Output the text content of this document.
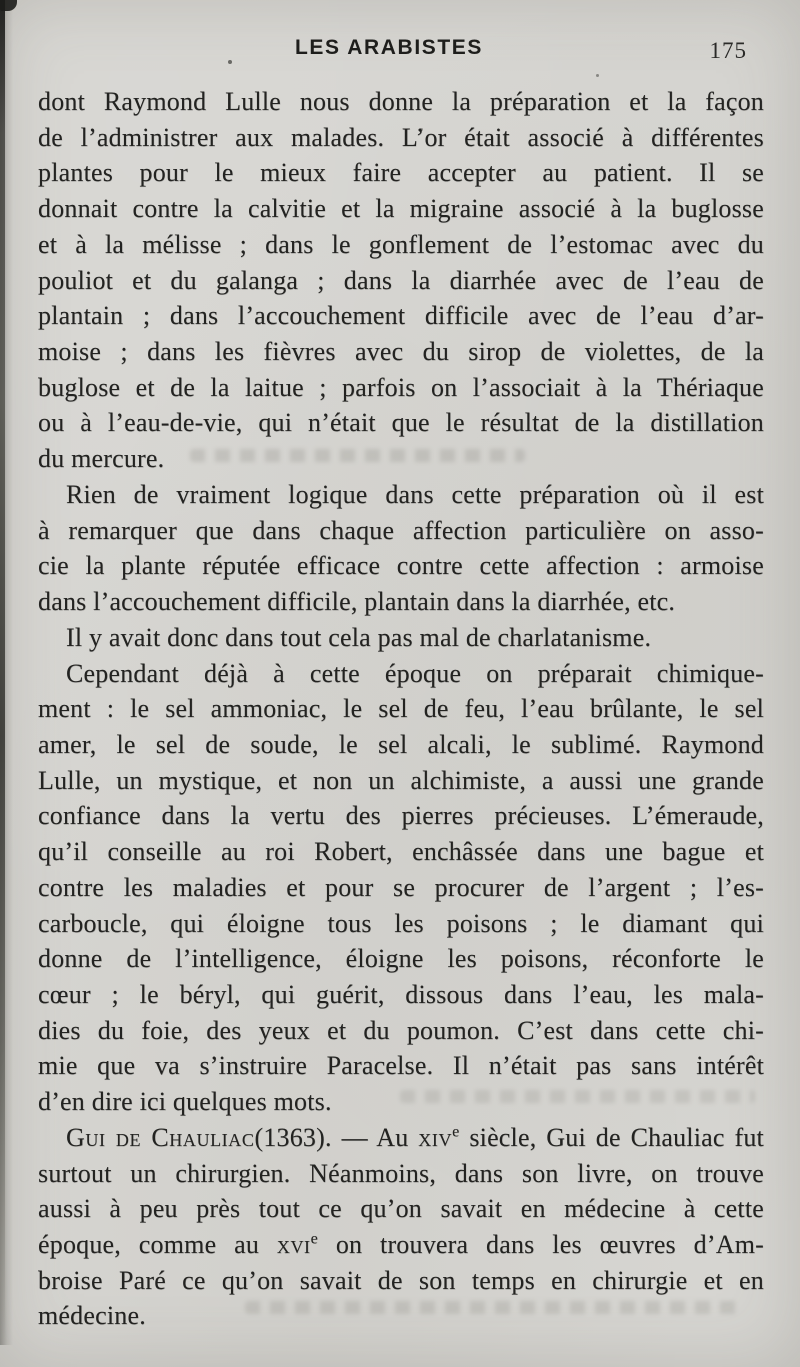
LES ARABISTES	175
dont Raymond Lulle nous donne la préparation et la façon
de l’administrer aux malades. L’or était associé à différentes
plantes pour le mieux faire accepter au patient. Il se
donnait contre la calvitie et la migraine associé à la buglosse
et à la mélisse ; dans le gonflement de l’estomac avec du
pouliot et du galanga ; dans la diarrhée avec de l’eau de
plantain ; dans l’accouchement difficile avec de l’eau d’ar-
moise ; dans les fièvres avec du sirop de violettes, de la
buglose et de la laitue ; parfois on l’associait à la Thériaque
ou à l’eau-de-vie, qui n’était que le résultat de la distillation
du mercure.
Rien de vraiment logique dans cette préparation où il est
à remarquer que dans chaque affection particulière on asso-
cie la plante réputée efficace contre cette affection : armoise
dans l’accouchement difficile, plantain dans la diarrhée, etc.
Il y avait donc dans tout cela pas mal de charlatanisme.
Cependant déjà à cette époque on préparait chimique-
ment : le sel ammoniac, le sel de feu, l’eau brûlante, le sel
amer, le sel de soude, le sel alcali, le sublimé. Raymond
Lulle, un mystique, et non un alchimiste, a aussi une grande
confiance dans la vertu des pierres précieuses. L’émeraude,
qu’il conseille au roi Robert, enchâssée dans une bague et
contre les maladies et pour se procurer de l’argent ; l’es-
carboucle, qui éloigne tous les poisons ; le diamant qui
donne de l’intelligence, éloigne les poisons, réconforte le
cœur ; le béryl, qui guérit, dissous dans l’eau, les mala-
dies du foie, des yeux et du poumon. C’est dans cette chi-
mie que va s’instruire Paracelse. Il n’était pas sans intérêt
d’en dire ici quelques mots.
Gui de Chauliac(1363). — Au xiv$^e$ siècle, Gui de Chauliac fut
surtout un chirurgien. Néanmoins, dans son livre, on trouve
aussi à peu près tout ce qu’on savait en médecine à cette
époque, comme au xvi$^e$ on trouvera dans les œuvres d’Am-
broise Paré ce qu’on savait de son temps en chirurgie et en
médecine.
